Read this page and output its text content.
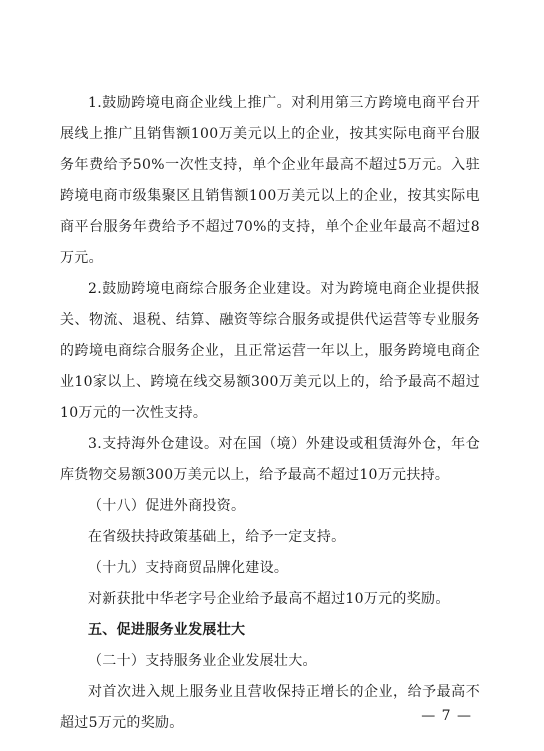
1.鼓励跨境电商企业线上推广。对利用第三方跨境电商平台开展线上推广且销售额100万美元以上的企业，按其实际电商平台服务年费给予50%一次性支持，单个企业年最高不超过5万元。入驻跨境电商市级集聚区且销售额100万美元以上的企业，按其实际电商平台服务年费给予不超过70%的支持，单个企业年最高不超过8万元。

2.鼓励跨境电商综合服务企业建设。对为跨境电商企业提供报关、物流、退税、结算、融资等综合服务或提供代运营等专业服务的跨境电商综合服务企业，且正常运营一年以上，服务跨境电商企业10家以上、跨境在线交易额300万美元以上的，给予最高不超过10万元的一次性支持。

3.支持海外仓建设。对在国（境）外建设或租赁海外仓，年仓库货物交易额300万美元以上，给予最高不超过10万元扶持。

（十八）促进外商投资。

在省级扶持政策基础上，给予一定支持。

（十九）支持商贸品牌化建设。

对新获批中华老字号企业给予最高不超过10万元的奖励。

五、促进服务业发展壮大

（二十）支持服务业企业发展壮大。

对首次进入规上服务业且营收保持正增长的企业，给予最高不超过5万元的奖励。	— 7 —
